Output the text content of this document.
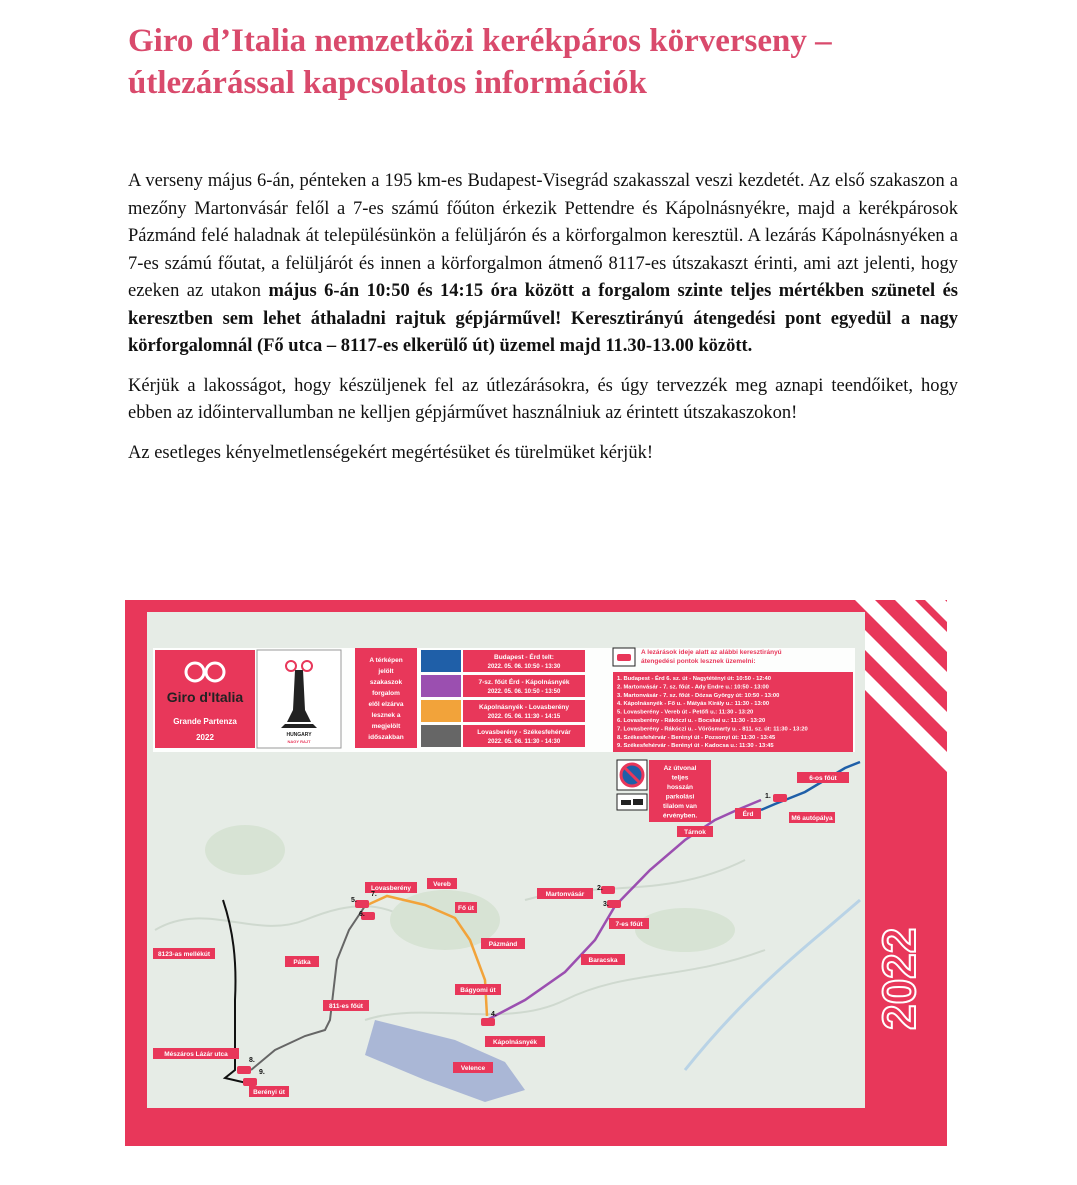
Giro d’Italia nemzetközi kerékpáros körverseny –
útlezárással kapcsolatos információk

A verseny május 6-án, pénteken a 195 km-es Budapest-Visegrád szakasszal veszi kezdetét. Az első szakaszon a mezőny Martonvásár felől a 7-es számú főúton érkezik Pettendre és Kápolnásnyékre, majd a kerékpárosok Pázmánd felé haladnak át településünkön a felüljárón és a körforgalmon keresztül. A lezárás Kápolnásnyéken a 7-es számú főutat, a felüljárót és innen a körforgalmon átmenő 8117-es útszakaszt érinti, ami azt jelenti, hogy ezeken az utakon május 6-án 10:50 és 14:15 óra között a forgalom szinte teljes mértékben szünetel és keresztben sem lehet áthaladni rajtuk gépjárművel! Keresztirányú átengedési pont egyedül a nagy körforgalomnál (Fő utca – 8117-es elkerülő út) üzemel majd 11.30-13.00 között.

Kérjük a lakosságot, hogy készüljenek fel az útlezárásokra, és úgy tervezzék meg aznapi teendőiket, hogy ebben az időintervallumban ne kelljen gépjárművet használniuk az érintett útszakaszokon!

Az esetleges kényelmetlenségekért megértésüket és türelmüket kérjük!

2022
Giro d'Italia
Grande Partenza
2022	HUNGARY
NAGY RAJT
A térképen
jelölt
szakaszok
forgalom
elől elzárva
lesznek a
megjelölt
időszakban
Budapest - Érd telt:
2022. 05. 06. 10:50 - 13:30
7-sz. főút Érd - Kápolnásnyék
2022. 05. 06. 10:50 - 13:50
Kápolnásnyék - Lovasberény
2022. 05. 06. 11:30 - 14:15
Lovasberény - Székesfehérvár
2022. 05. 06. 11:30 - 14:30
A lezárások ideje alatt az alábbi keresztirányú
átengedési pontok lesznek üzemelni:
1. Budapest - Érd 6. sz. út - Nagytétényi út: 10:50 - 12:40
2. Martonvásár - 7. sz. főút - Ady Endre u.: 10:50 - 13:00
3. Martonvásár - 7. sz. főút - Dózsa György út: 10:50 - 13:00
4. Kápolnásnyék - Fő u. - Mátyás Király u.: 11:30 - 13:00
5. Lovasberény - Vereb út - Petőfi u.: 11:30 - 13:20
6. Lovasberény - Rákóczi u. - Bocskai u.: 11:30 - 13:20
7. Lovasberény - Rákóczi u. - Vörösmarty u. - 811. sz. út: 11:30 - 13:20
8. Székesfehérvár - Berényi út - Pozsonyi út: 11:30 - 13:45
9. Székesfehérvár - Berényi út - Kadocsa u.: 11:30 - 13:45
Az útvonal
teljes
hosszán
parkolási
tilalom van
érvényben.
6-os főút
Érd
M6 autópálya
Tárnok
Martonvásár
7-es főút
Baracska
Lovasberény
Vereb
Fő út
Pázmánd
Bágyomi út
Kápolnásnyék
Velence
Pátka
811-es főút
8123-as mellékút
Mészáros Lázár utca
Berényi út
1.
2.
3.
4.
5.
6.
7.
8.
9.
